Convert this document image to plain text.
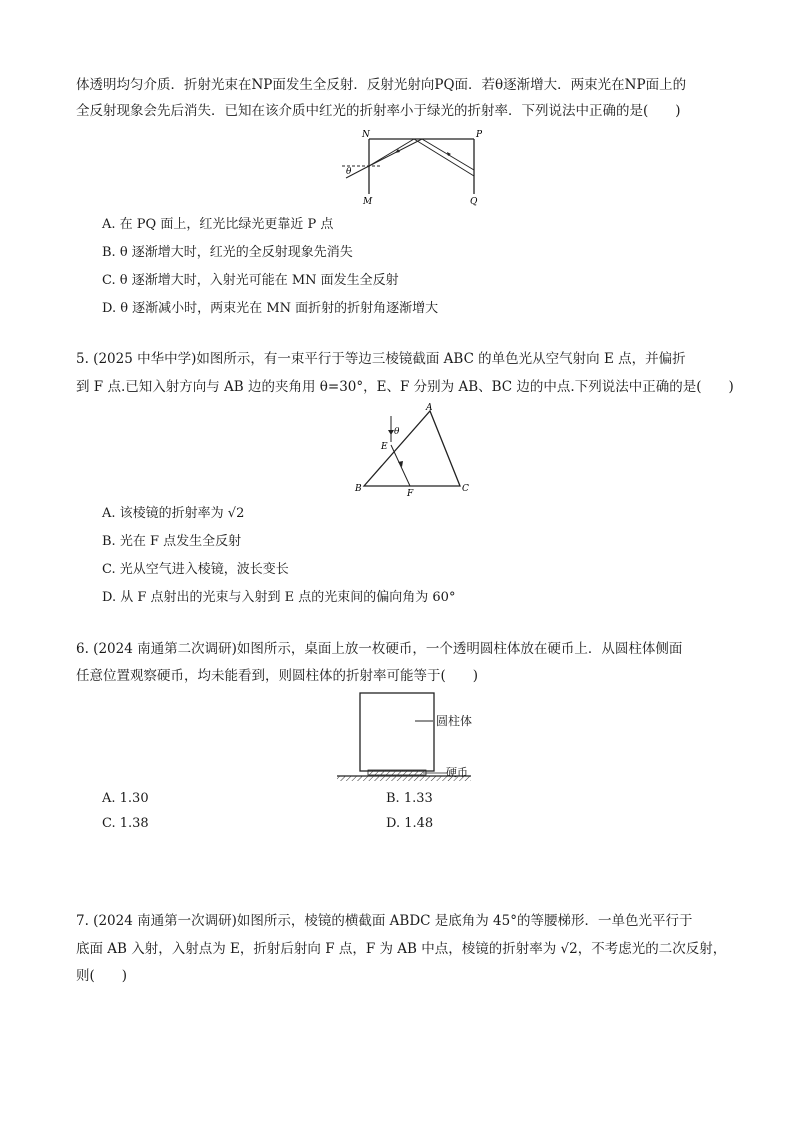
体透明均匀介质．折射光束在NP面发生全反射．反射光射向PQ面．若θ逐渐增大．两束光在NP面上的
全反射现象会先后消失．已知在该介质中红光的折射率小于绿光的折射率．下列说法中正确的是(　　)
N	P
M	Q
θ
A. 在 PQ 面上，红光比绿光更靠近 P 点
B. θ 逐渐增大时，红光的全反射现象先消失
C. θ 逐渐增大时，入射光可能在 MN 面发生全反射
D. θ 逐渐减小时，两束光在 MN 面折射的折射角逐渐增大
5. (2025 中华中学)如图所示，有一束平行于等边三棱镜截面 ABC 的单色光从空气射向 E 点，并偏折
到 F 点.已知入射方向与 AB 边的夹角用 θ=30°，E、F 分别为 AB、BC 边的中点.下列说法中正确的是(　　)
A
B	C
E
F
θ
A. 该棱镜的折射率为 √2
B. 光在 F 点发生全反射
C. 光从空气进入棱镜，波长变长
D. 从 F 点射出的光束与入射到 E 点的光束间的偏向角为 60°
6. (2024 南通第二次调研)如图所示，桌面上放一枚硬币，一个透明圆柱体放在硬币上．从圆柱体侧面
任意位置观察硬币，均未能看到，则圆柱体的折射率可能等于(　　)
圆柱体
硬币
A. 1.30	B. 1.33
C. 1.38	D. 1.48
7. (2024 南通第一次调研)如图所示，棱镜的横截面 ABDC 是底角为 45°的等腰梯形．一单色光平行于
底面 AB 入射，入射点为 E，折射后射向 F 点，F 为 AB 中点，棱镜的折射率为 √2，不考虑光的二次反射，
则(　　)
